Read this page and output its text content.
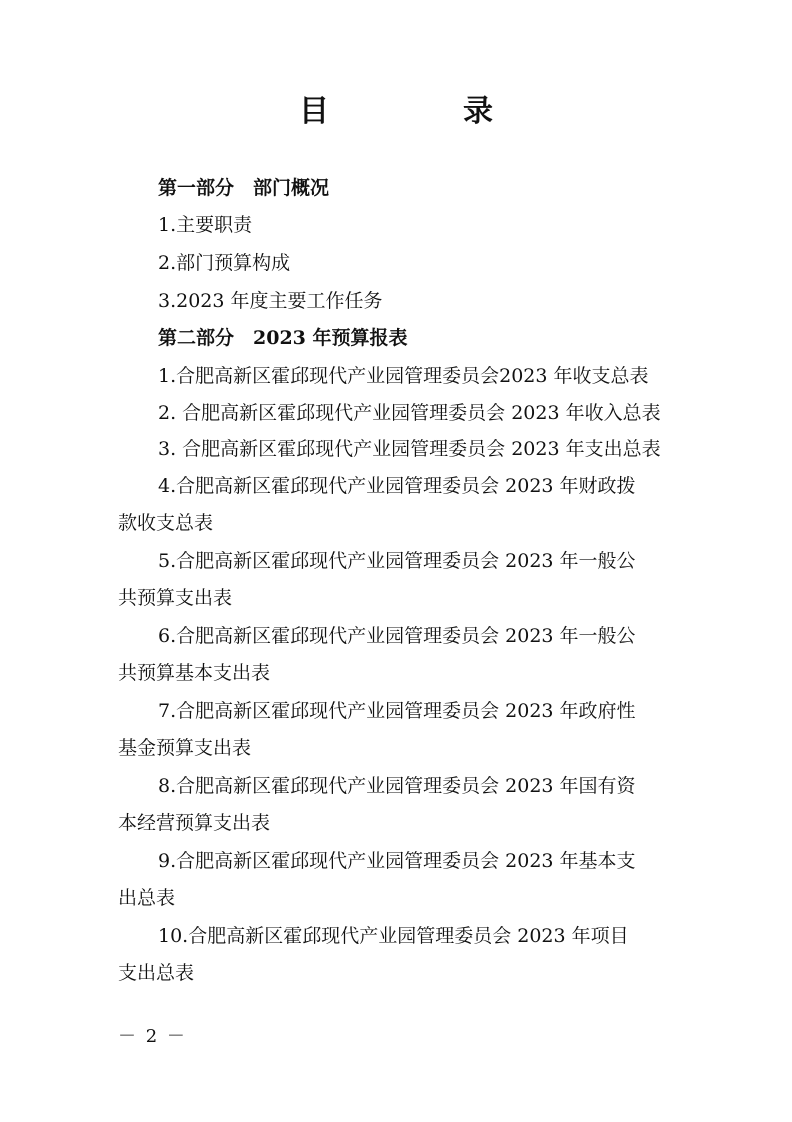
目　录
第一部分　部门概况
1.主要职责
2.部门预算构成
3.2023 年度主要工作任务
第二部分　2023 年预算报表
1.合肥高新区霍邱现代产业园管理委员会2023 年收支总表
2. 合肥高新区霍邱现代产业园管理委员会 2023 年收入总表
3. 合肥高新区霍邱现代产业园管理委员会 2023 年支出总表
4.合肥高新区霍邱现代产业园管理委员会 2023 年财政拨
款收支总表
5.合肥高新区霍邱现代产业园管理委员会 2023 年一般公
共预算支出表
6.合肥高新区霍邱现代产业园管理委员会 2023 年一般公
共预算基本支出表
7.合肥高新区霍邱现代产业园管理委员会 2023 年政府性
基金预算支出表
8.合肥高新区霍邱现代产业园管理委员会 2023 年国有资
本经营预算支出表
9.合肥高新区霍邱现代产业园管理委员会 2023 年基本支
出总表
10.合肥高新区霍邱现代产业园管理委员会 2023 年项目
支出总表
－ 2 －
